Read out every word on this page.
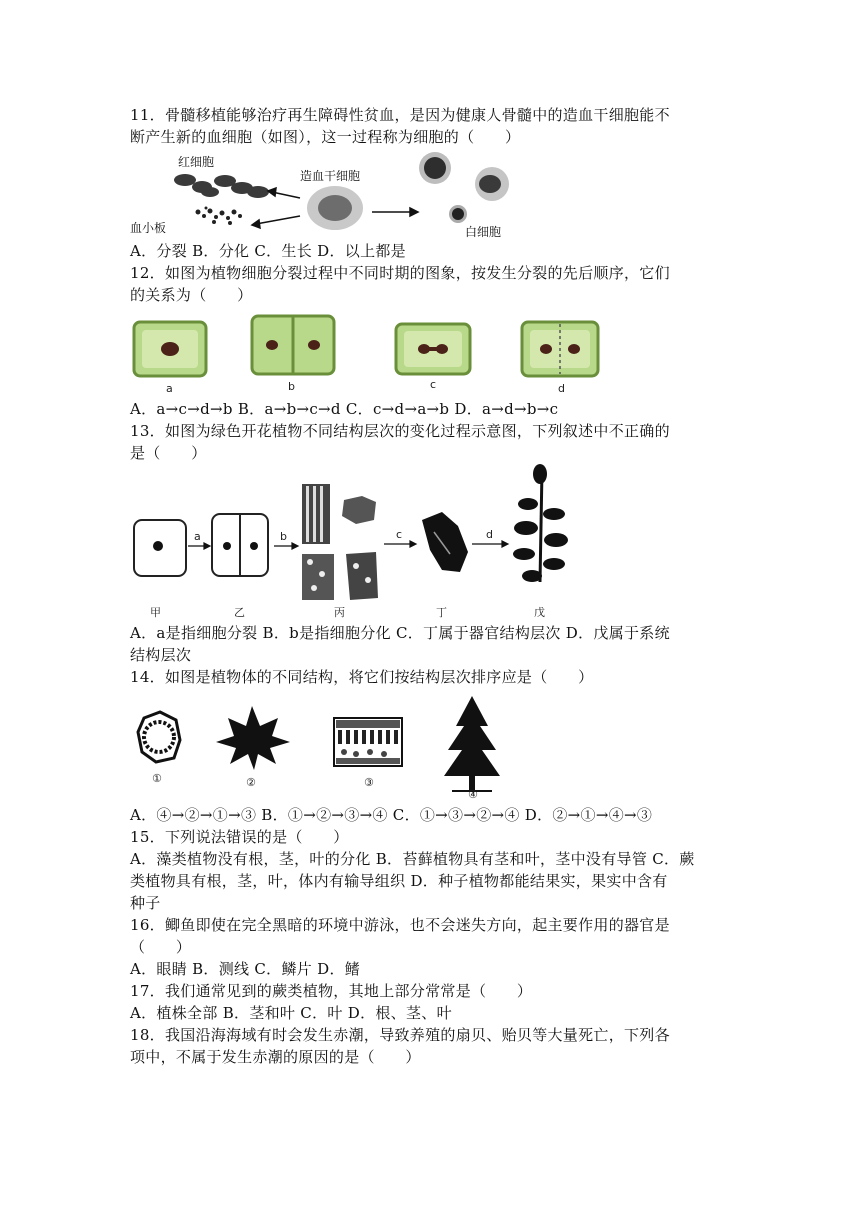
11．骨髓移植能够治疗再生障碍性贫血，是因为健康人骨髓中的造血干细胞能不
断产生新的血细胞（如图），这一过程称为细胞的（　　）
红细胞
造血干细胞
血小板	白细胞
A．分裂 B．分化 C．生长 D．以上都是
12．如图为植物细胞分裂过程中不同时期的图象，按发生分裂的先后顺序，它们
的关系为（　　）
a	b	c	d
A．a→c→d→b B．a→b→c→d C．c→d→a→b D．a→d→b→c
13．如图为绿色开花植物不同结构层次的变化过程示意图，下列叙述中不正确的
是（　　）
a	b	c	d
甲	乙	丙	丁	戊
A．a是指细胞分裂 B．b是指细胞分化 C．丁属于器官结构层次 D．戊属于系统
结构层次
14．如图是植物体的不同结构，将它们按结构层次排序应是（　　）
①	②	③
④
A．④→②→①→③ B．①→②→③→④ C．①→③→②→④ D．②→①→④→③
15．下列说法错误的是（　　）
A．藻类植物没有根，茎，叶的分化 B．苔藓植物具有茎和叶，茎中没有导管 C．蕨
类植物具有根，茎，叶，体内有输导组织 D．种子植物都能结果实，果实中含有
种子
16．鲫鱼即使在完全黑暗的环境中游泳，也不会迷失方向，起主要作用的器官是
（　　）
A．眼睛 B．测线 C．鳞片 D．鳍
17．我们通常见到的蕨类植物，其地上部分常常是（　　）
A．植株全部 B．茎和叶 C．叶 D．根、茎、叶
18．我国沿海海域有时会发生赤潮，导致养殖的扇贝、贻贝等大量死亡，下列各
项中，不属于发生赤潮的原因的是（　　）
